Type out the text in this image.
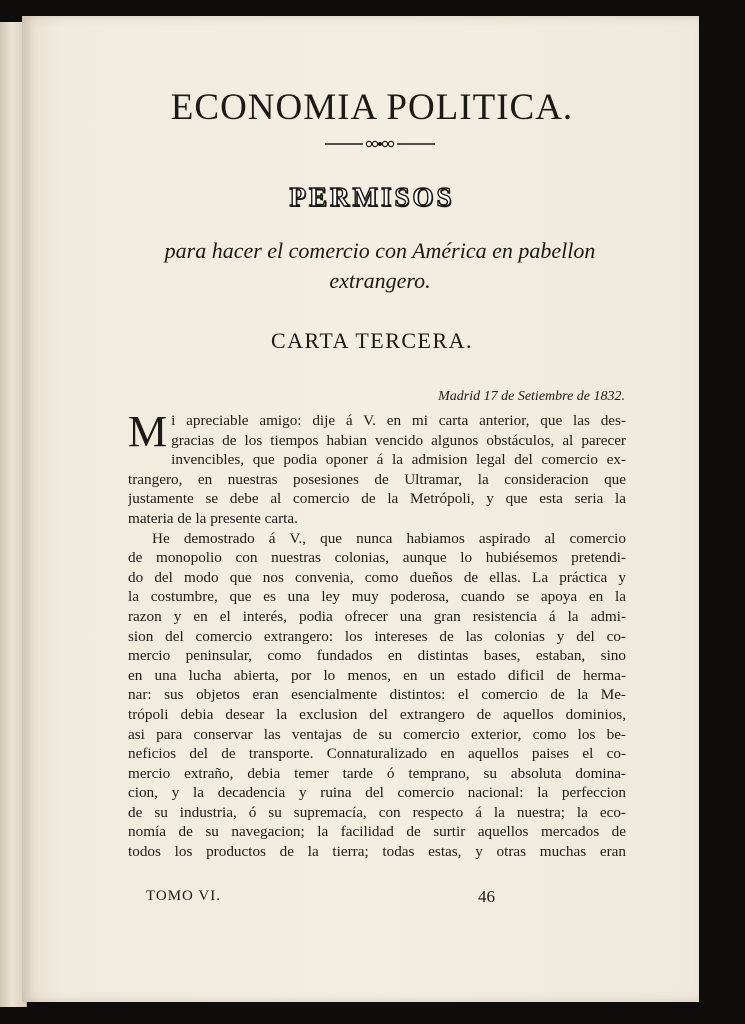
ECONOMIA POLITICA.
PERMISOS
para hacer el comercio con América en pabellon
extrangero.
CARTA TERCERA.
Madrid 17 de Setiembre de 1832.
M i apreciable amigo: dije á V. en mi carta anterior, que las des-
gracias de los tiempos habian vencido algunos obstáculos, al parecer
invencibles, que podia oponer á la admision legal del comercio ex-
trangero, en nuestras posesiones de Ultramar, la consideracion que
justamente se debe al comercio de la Metrópoli, y que esta seria la
materia de la presente carta.
He demostrado á V., que nunca habiamos aspirado al comercio
de monopolio con nuestras colonias, aunque lo hubiésemos pretendi-
do del modo que nos convenia, como dueños de ellas. La práctica y
la costumbre, que es una ley muy poderosa, cuando se apoya en la
razon y en el interés, podia ofrecer una gran resistencia á la admi-
sion del comercio extrangero: los intereses de las colonias y del co-
mercio peninsular, como fundados en distintas bases, estaban, sino
en una lucha abierta, por lo menos, en un estado dificil de herma-
nar: sus objetos eran esencialmente distintos: el comercio de la Me-
trópoli debia desear la exclusion del extrangero de aquellos dominios,
asi para conservar las ventajas de su comercio exterior, como los be-
neficios del de transporte. Connaturalizado en aquellos paises el co-
mercio extraño, debia temer tarde ó temprano, su absoluta domina-
cion, y la decadencia y ruina del comercio nacional: la perfeccion
de su industria, ó su supremacía, con respecto á la nuestra; la eco-
nomía de su navegacion; la facilidad de surtir aquellos mercados de
todos los productos de la tierra; todas estas, y otras muchas eran
TOMO VI.	46
